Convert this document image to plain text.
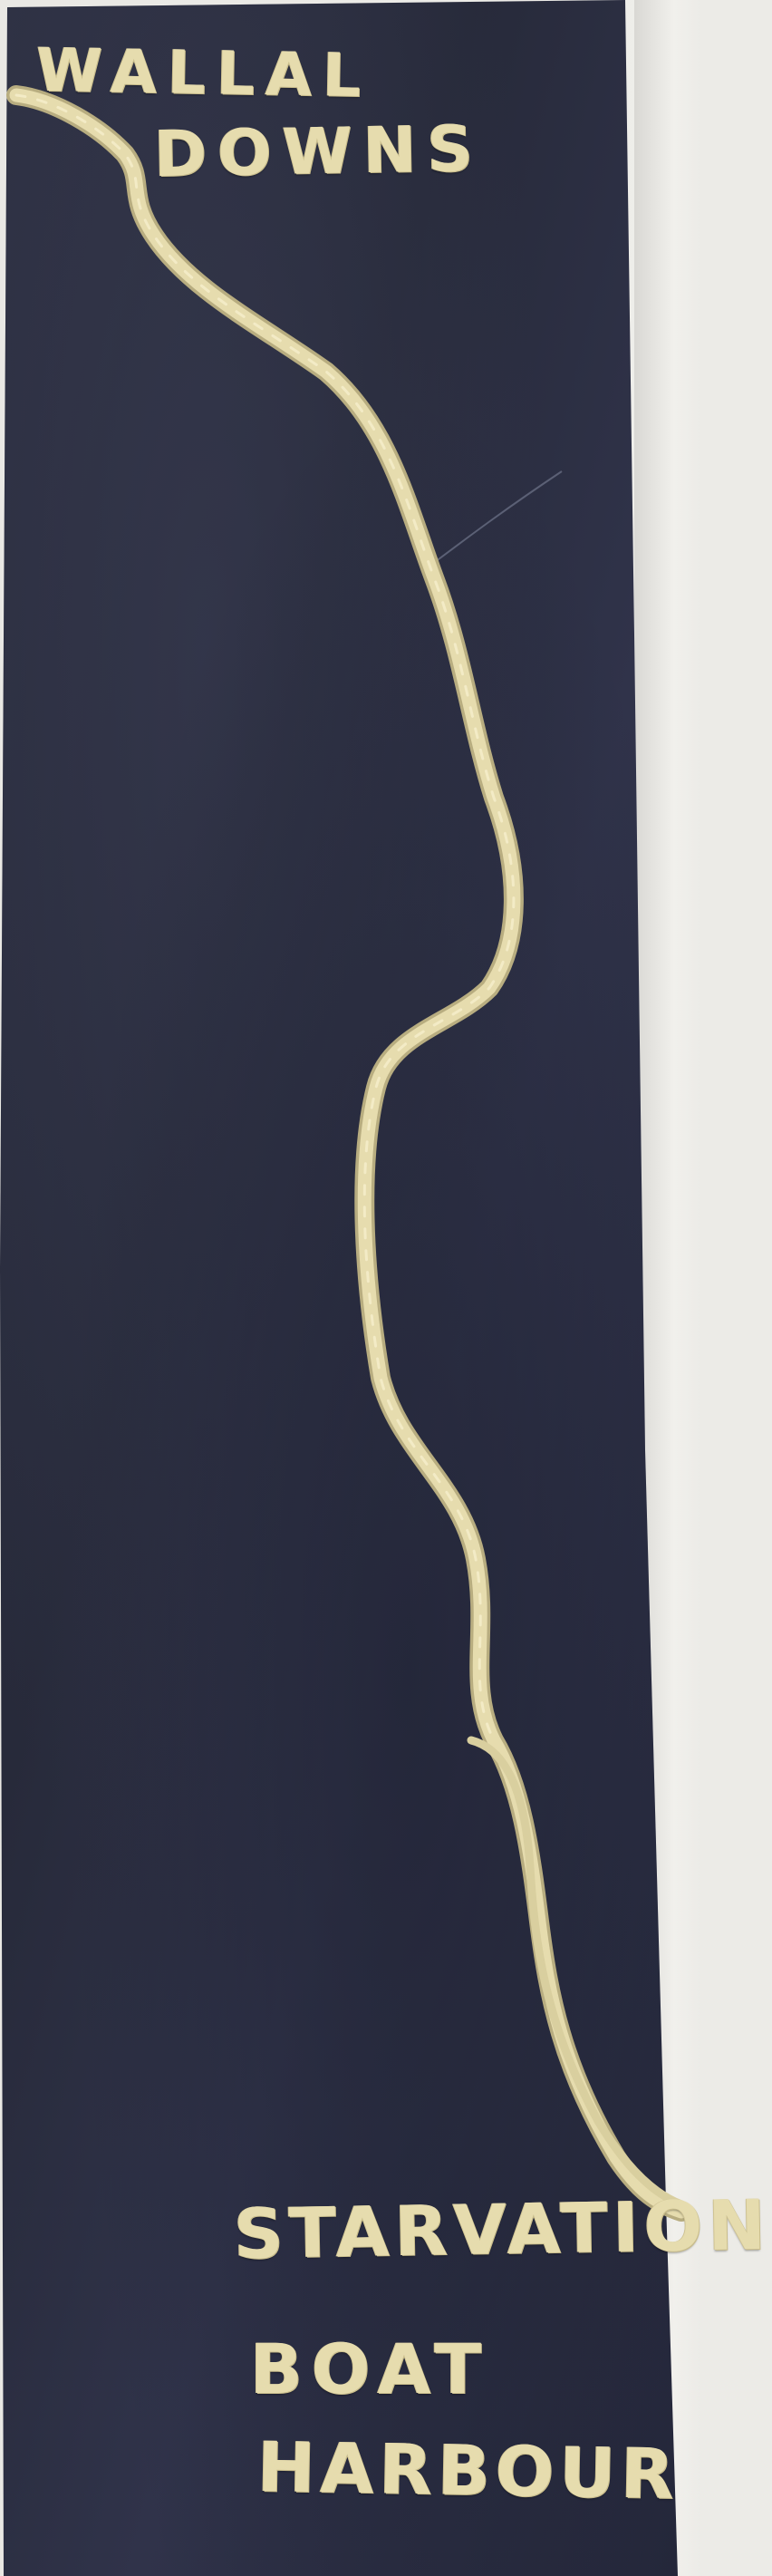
WALLAL
DOWNS
STARVATION
BOAT
HARBOUR
